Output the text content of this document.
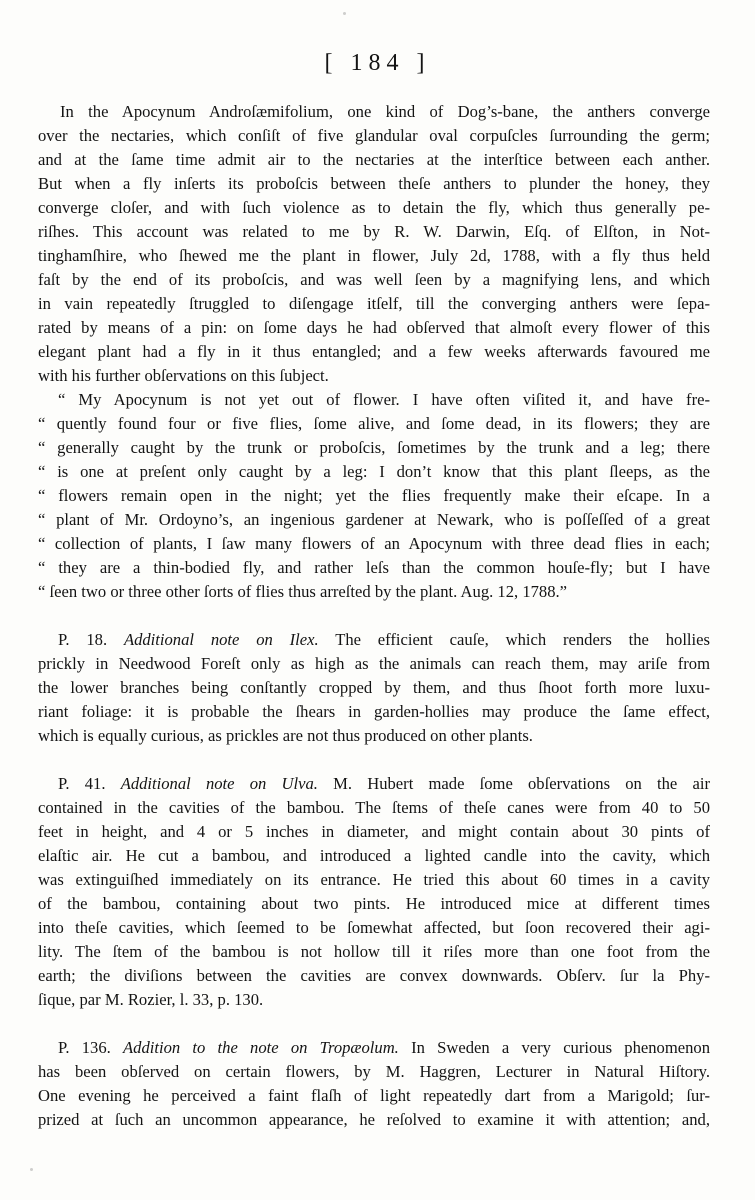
[ 184 ]
In the Apocynum Androſæmifolium, one kind of Dog’s-bane, the anthers converge
over the nectaries, which conſiſt of five glandular oval corpuſcles ſurrounding the germ;
and at the ſame time admit air to the nectaries at the interſtice between each anther.
But when a fly inſerts its proboſcis between theſe anthers to plunder the honey, they
converge cloſer, and with ſuch violence as to detain the fly, which thus generally pe-
riſhes. This account was related to me by R. W. Darwin, Eſq. of Elſton, in Not-
tinghamſhire, who ſhewed me the plant in flower, July 2d, 1788, with a fly thus held
faſt by the end of its proboſcis, and was well ſeen by a magnifying lens, and which
in vain repeatedly ſtruggled to diſengage itſelf, till the converging anthers were ſepa-
rated by means of a pin: on ſome days he had obſerved that almoſt every flower of this
elegant plant had a fly in it thus entangled; and a few weeks afterwards favoured me
with his further obſervations on this ſubject.
“ My Apocynum is not yet out of flower. I have often viſited it, and have fre-
“ quently found four or five flies, ſome alive, and ſome dead, in its flowers; they are
“ generally caught by the trunk or proboſcis, ſometimes by the trunk and a leg; there
“ is one at preſent only caught by a leg: I don’t know that this plant ſleeps, as the
“ flowers remain open in the night; yet the flies frequently make their eſcape. In a
“ plant of Mr. Ordoyno’s, an ingenious gardener at Newark, who is poſſeſſed of a great
“ collection of plants, I ſaw many flowers of an Apocynum with three dead flies in each;
“ they are a thin-bodied fly, and rather leſs than the common houſe-fly; but I have
“ ſeen two or three other ſorts of flies thus arreſted by the plant. Aug. 12, 1788.”
P. 18. Additional note on Ilex. The efficient cauſe, which renders the hollies
prickly in Needwood Foreſt only as high as the animals can reach them, may ariſe from
the lower branches being conſtantly cropped by them, and thus ſhoot forth more luxu-
riant foliage: it is probable the ſhears in garden-hollies may produce the ſame effect,
which is equally curious, as prickles are not thus produced on other plants.
P. 41. Additional note on Ulva. M. Hubert made ſome obſervations on the air
contained in the cavities of the bambou. The ſtems of theſe canes were from 40 to 50
feet in height, and 4 or 5 inches in diameter, and might contain about 30 pints of
elaſtic air. He cut a bambou, and introduced a lighted candle into the cavity, which
was extinguiſhed immediately on its entrance. He tried this about 60 times in a cavity
of the bambou, containing about two pints. He introduced mice at different times
into theſe cavities, which ſeemed to be ſomewhat affected, but ſoon recovered their agi-
lity. The ſtem of the bambou is not hollow till it riſes more than one foot from the
earth; the diviſions between the cavities are convex downwards. Obſerv. ſur la Phy-
ſique, par M. Rozier, l. 33, p. 130.
P. 136. Addition to the note on Tropæolum. In Sweden a very curious phenomenon
has been obſerved on certain flowers, by M. Haggren, Lecturer in Natural Hiſtory.
One evening he perceived a faint flaſh of light repeatedly dart from a Marigold; ſur-
prized at ſuch an uncommon appearance, he reſolved to examine it with attention; and,
